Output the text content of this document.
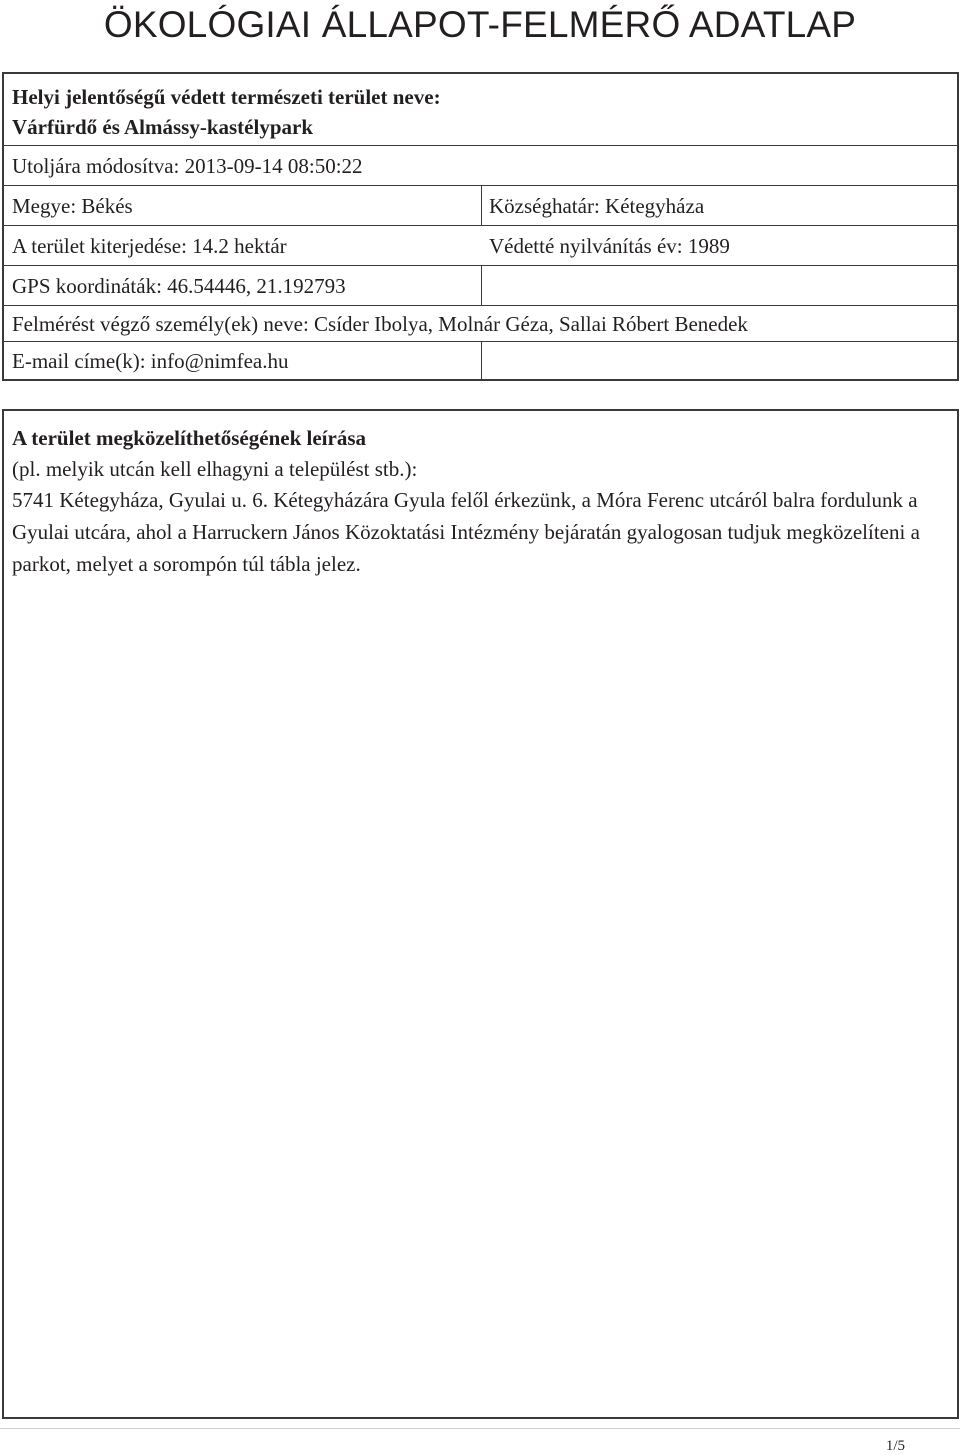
ÖKOLÓGIAI ÁLLAPOT-FELMÉRŐ ADATLAP
Helyi jelentőségű védett természeti terület neve:
Várfürdő és Almássy-kastélypark
Utoljára módosítva: 2013-09-14 08:50:22
Megye: Békés	Községhatár: Kétegyháza
A terület kiterjedése: 14.2 hektár	Védetté nyilvánítás év: 1989
GPS koordináták: 46.54446, 21.192793
Felmérést végző személy(ek) neve: Csíder Ibolya, Molnár Géza, Sallai Róbert Benedek
E-mail címe(k): info@nimfea.hu
A terület megközelíthetőségének leírása
(pl. melyik utcán kell elhagyni a települést stb.):
5741 Kétegyháza, Gyulai u. 6. Kétegyházára Gyula felől érkezünk, a Móra Ferenc utcáról balra fordulunk a Gyulai utcára, ahol a Harruckern János Közoktatási Intézmény bejáratán gyalogosan tudjuk megközelíteni a parkot, melyet a sorompón túl tábla jelez.
1/5
